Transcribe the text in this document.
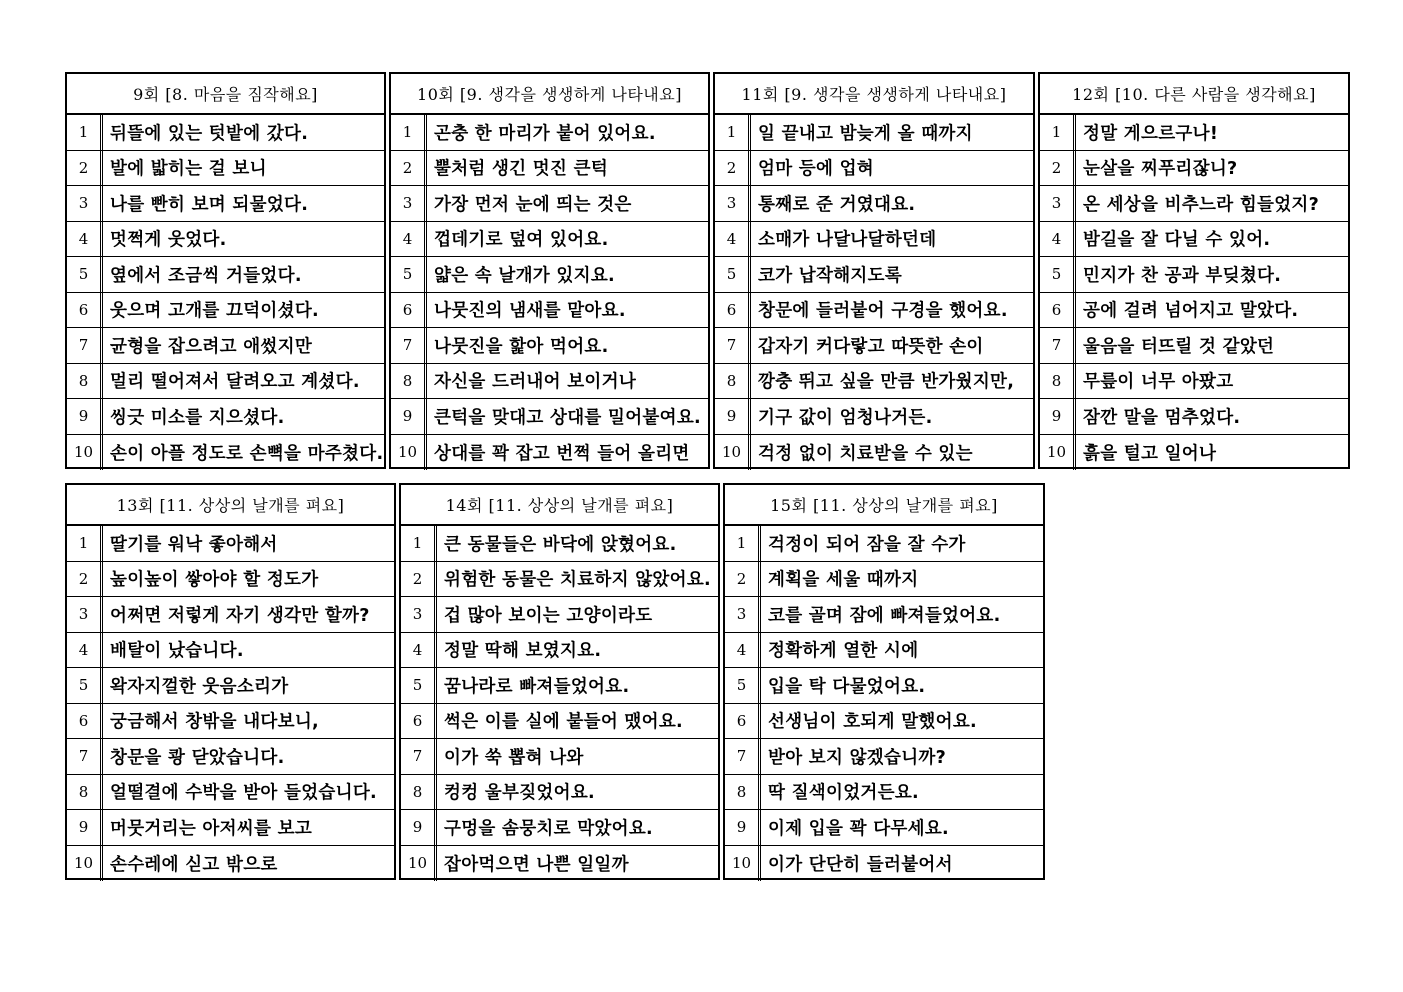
9회 [8. 마음을 짐작해요]
1	뒤뜰에 있는 텃밭에 갔다.
2	발에 밟히는 걸 보니
3	나를 빤히 보며 되물었다.
4	멋쩍게 웃었다.
5	옆에서 조금씩 거들었다.
6	웃으며 고개를 끄덕이셨다.
7	균형을 잡으려고 애썼지만
8	멀리 떨어져서 달려오고 계셨다.
9	씽긋 미소를 지으셨다.
10 손이 아플 정도로 손뼉을 마주쳤다.
10회 [9. 생각을 생생하게 나타내요]
1	곤충 한 마리가 붙어 있어요.
2	뿔처럼 생긴 멋진 큰턱
3	가장 먼저 눈에 띄는 것은
4	껍데기로 덮여 있어요.
5	얇은 속 날개가 있지요.
6	나뭇진의 냄새를 맡아요.
7	나뭇진을 핥아 먹어요.
8	자신을 드러내어 보이거나
9	큰턱을 맞대고 상대를 밀어붙여요.
10 상대를 꽉 잡고 번쩍 들어 올리면
11회 [9. 생각을 생생하게 나타내요]
1	일 끝내고 밤늦게 올 때까지
2	엄마 등에 업혀
3	통째로 준 거였대요.
4	소매가 나달나달하던데
5	코가 납작해지도록
6	창문에 들러붙어 구경을 했어요.
7	갑자기 커다랗고 따뜻한 손이
8	깡충 뛰고 싶을 만큼 반가웠지만,
9	기구 값이 엄청나거든.
10 걱정 없이 치료받을 수 있는
12회 [10. 다른 사람을 생각해요]
1	정말 게으르구나!
2	눈살을 찌푸리잖니?
3	온 세상을 비추느라 힘들었지?
4	밤길을 잘 다닐 수 있어.
5	민지가 찬 공과 부딪쳤다.
6	공에 걸려 넘어지고 말았다.
7	울음을 터뜨릴 것 같았던
8	무릎이 너무 아팠고
9	잠깐 말을 멈추었다.
10 흙을 털고 일어나
13회 [11. 상상의 날개를 펴요]
1	딸기를 워낙 좋아해서
2	높이높이 쌓아야 할 정도가
3	어쩌면 저렇게 자기 생각만 할까?
4	배탈이 났습니다.
5	왁자지껄한 웃음소리가
6	궁금해서 창밖을 내다보니,
7	창문을 쾅 닫았습니다.
8	얼떨결에 수박을 받아 들었습니다.
9	머뭇거리는 아저씨를 보고
10 손수레에 싣고 밖으로
14회 [11. 상상의 날개를 펴요]
1	큰 동물들은 바닥에 앉혔어요.
2	위험한 동물은 치료하지 않았어요.
3	겁 많아 보이는 고양이라도
4	정말 딱해 보였지요.
5	꿈나라로 빠져들었어요.
6	썩은 이를 실에 붙들어 맸어요.
7	이가 쑥 뽑혀 나와
8	컹컹 울부짖었어요.
9	구멍을 솜뭉치로 막았어요.
10 잡아먹으면 나쁜 일일까
15회 [11. 상상의 날개를 펴요]
1	걱정이 되어 잠을 잘 수가
2	계획을 세울 때까지
3	코를 골며 잠에 빠져들었어요.
4	정확하게 열한 시에
5	입을 탁 다물었어요.
6	선생님이 호되게 말했어요.
7	받아 보지 않겠습니까?
8	딱 질색이었거든요.
9	이제 입을 꽉 다무세요.
10 이가 단단히 들러붙어서
